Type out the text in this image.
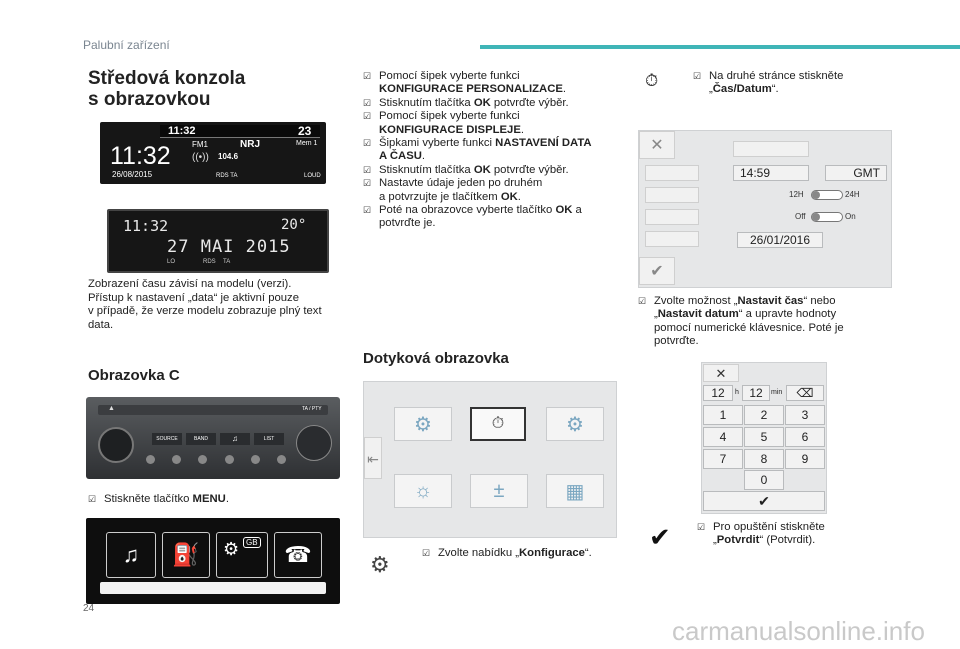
Palubní zařízení
Středová konzola
s obrazovkou
11:32	23
11:32
26/08/2015
FM1	NRJ	Mem 1
((•)) 104.6
RDS TA	LOUD
11:32	20°
27 MAI 2015
LO	RDS TA
Zobrazení času závisí na modelu (verzi).
Přístup k nastavení „data“ je aktivní pouze
v případě, že verze modelu zobrazuje plný text
data.
Obrazovka C
▲	TA / PTY
SOURCE	BAND	♫	LIST
☑ Stiskněte tlačítko MENU.
♫	⛽	GB
⚙	☎
☑ Pomocí šipek vyberte funkci
KONFIGURACE PERSONALIZACE.
☑ Stisknutím tlačítka OK potvrďte výběr.
☑ Pomocí šipek vyberte funkci
KONFIGURACE DISPLEJE.
☑ Šipkami vyberte funkci NASTAVENÍ DATA
A ČASU.
☑ Stisknutím tlačítka OK potvrďte výběr.
☑ Nastavte údaje jeden po druhém
a potvrzujte je tlačítkem OK.
☑ Poté na obrazovce vyberte tlačítko OK a
potvrďte je.
Dotyková obrazovka
⇤
⚙	⏱	⚙
☼	±	▦
⚙	☑ Zvolte nabídku „Konfigurace“.
⏱	☑ Na druhé stránce stiskněte
„Čas/Datum“.
✕
✔
14:59	GMT
12H	24H
Off	On
26/01/2016
☑ Zvolte možnost „Nastavit čas“ nebo
„Nastavit datum“ a upravte hodnoty
pomocí numerické klávesnice. Poté je
potvrďte.
✕
12	h 12	min	⌫
1	2	3
4	5	6
7	8	9
0
✔
✔	☑ Pro opuštění stiskněte
„Potvrdit“ (Potvrdit).
24
carmanualsonline.info
